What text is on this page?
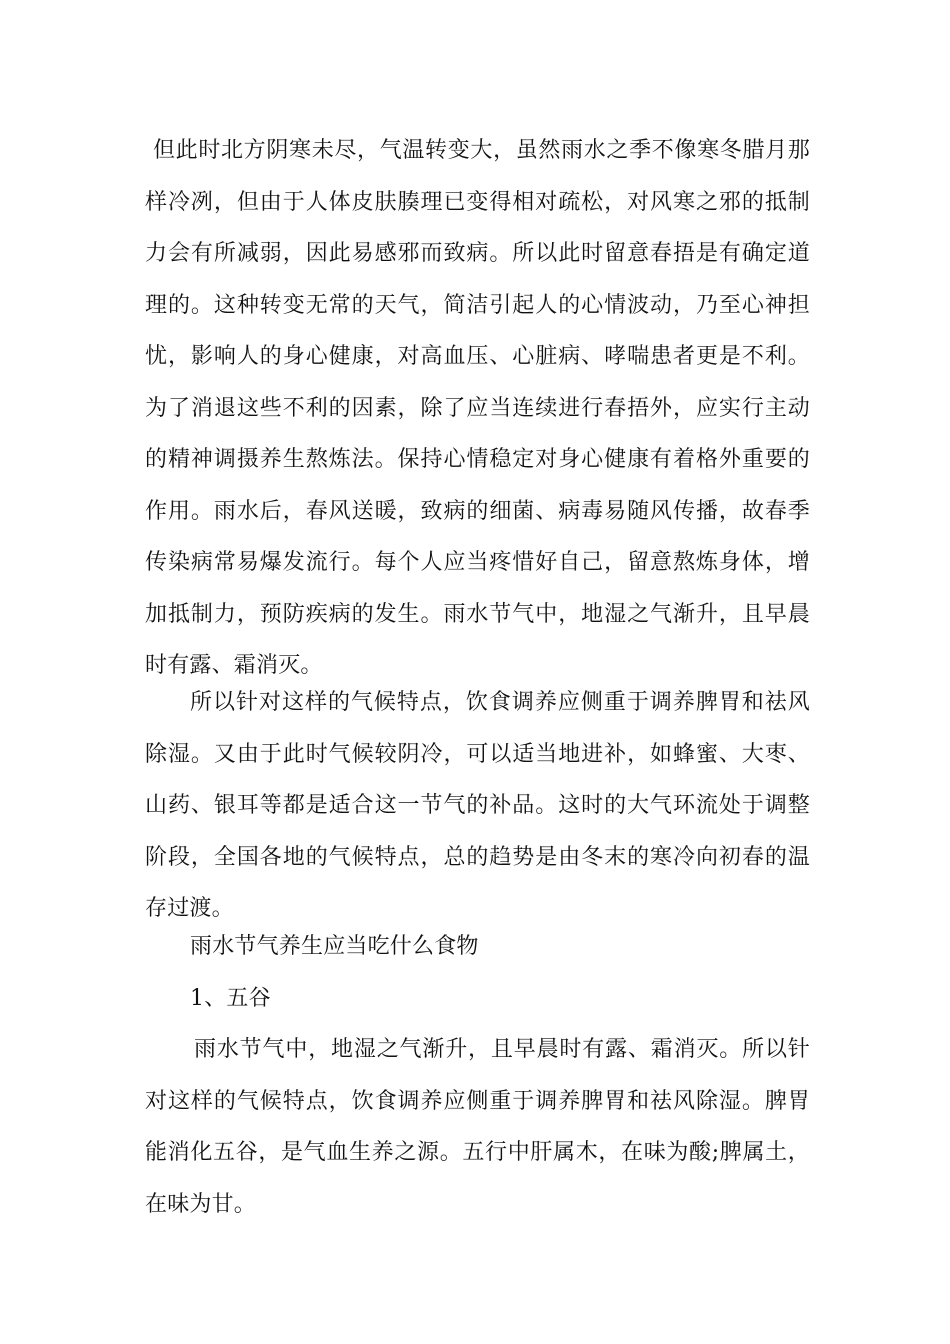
但此时北方阴寒未尽，气温转变大，虽然雨水之季不像寒冬腊月那样冷冽，但由于人体皮肤腠理已变得相对疏松，对风寒之邪的抵制力会有所减弱，因此易感邪而致病。所以此时留意春捂是有确定道理的。这种转变无常的天气，简洁引起人的心情波动，乃至心神担忧，影响人的身心健康，对高血压、心脏病、哮喘患者更是不利。为了消退这些不利的因素，除了应当连续进行春捂外，应实行主动的精神调摄养生熬炼法。保持心情稳定对身心健康有着格外重要的作用。雨水后，春风送暖，致病的细菌、病毒易随风传播，故春季传染病常易爆发流行。每个人应当疼惜好自己，留意熬炼身体，增加抵制力，预防疾病的发生。雨水节气中，地湿之气渐升，且早晨时有露、霜消灭。

所以针对这样的气候特点，饮食调养应侧重于调养脾胃和祛风除湿。又由于此时气候较阴冷，可以适当地进补，如蜂蜜、大枣、山药、银耳等都是适合这一节气的补品。这时的大气环流处于调整阶段，全国各地的气候特点，总的趋势是由冬末的寒冷向初春的温存过渡。

雨水节气养生应当吃什么食物

1、五谷

雨水节气中，地湿之气渐升，且早晨时有露、霜消灭。所以针对这样的气候特点，饮食调养应侧重于调养脾胃和祛风除湿。脾胃能消化五谷，是气血生养之源。五行中肝属木，在味为酸;脾属土，在味为甘。
